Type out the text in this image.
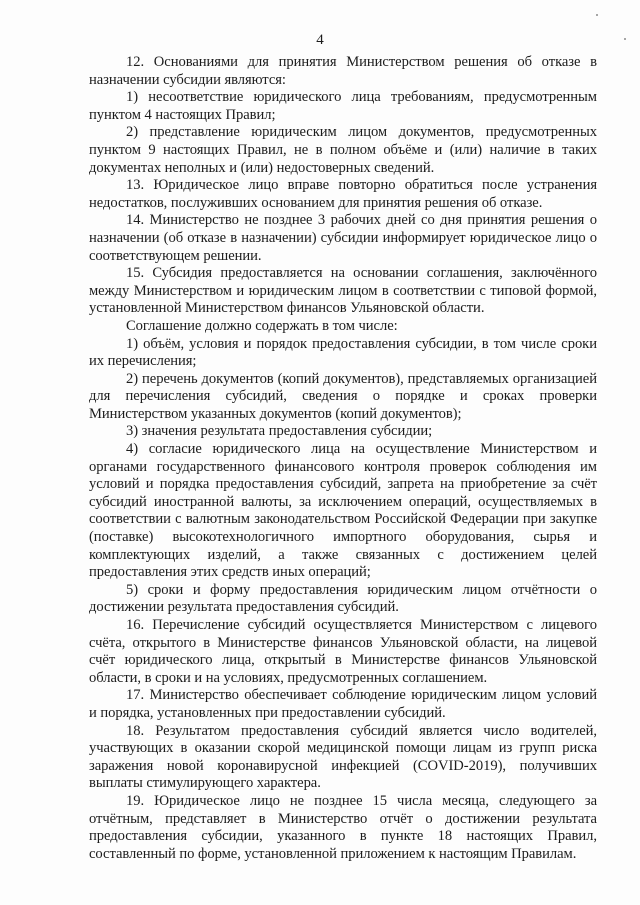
4

12. Основаниями для принятия Министерством решения об отказе в назначении субсидии являются:

1) несоответствие юридического лица требованиям, предусмотренным пунктом 4 настоящих Правил;

2) представление юридическим лицом документов, предусмотренных пунктом 9 настоящих Правил, не в полном объёме и (или) наличие в таких документах неполных и (или) недостоверных сведений.

13. Юридическое лицо вправе повторно обратиться после устранения недостатков, послуживших основанием для принятия решения об отказе.

14. Министерство не позднее 3 рабочих дней со дня принятия решения о назначении (об отказе в назначении) субсидии информирует юридическое лицо о соответствующем решении.

15. Субсидия предоставляется на основании соглашения, заключённого между Министерством и юридическим лицом в соответствии с типовой формой, установленной Министерством финансов Ульяновской области.

Соглашение должно содержать в том числе:

1) объём, условия и порядок предоставления субсидии, в том числе сроки их перечисления;

2) перечень документов (копий документов), представляемых организацией для перечисления субсидий, сведения о порядке и сроках проверки Министерством указанных документов (копий документов);

3) значения результата предоставления субсидии;

4) согласие юридического лица на осуществление Министерством и органами государственного финансового контроля проверок соблюдения им условий и порядка предоставления субсидий, запрета на приобретение за счёт субсидий иностранной валюты, за исключением операций, осуществляемых в соответствии с валютным законодательством Российской Федерации при закупке (поставке) высокотехнологичного импортного оборудования, сырья и комплектующих изделий, а также связанных с достижением целей предоставления этих средств иных операций;

5) сроки и форму предоставления юридическим лицом отчётности о достижении результата предоставления субсидий.

16. Перечисление субсидий осуществляется Министерством с лицевого счёта, открытого в Министерстве финансов Ульяновской области, на лицевой счёт юридического лица, открытый в Министерстве финансов Ульяновской области, в сроки и на условиях, предусмотренных соглашением.

17. Министерство обеспечивает соблюдение юридическим лицом условий и порядка, установленных при предоставлении субсидий.

18. Результатом предоставления субсидий является число водителей, участвующих в оказании скорой медицинской помощи лицам из групп риска заражения новой коронавирусной инфекцией (COVID-2019), получивших выплаты стимулирующего характера.

19. Юридическое лицо не позднее 15 числа месяца, следующего за отчётным, представляет в Министерство отчёт о достижении результата предоставления субсидии, указанного в пункте 18 настоящих Правил, составленный по форме, установленной приложением к настоящим Правилам.
